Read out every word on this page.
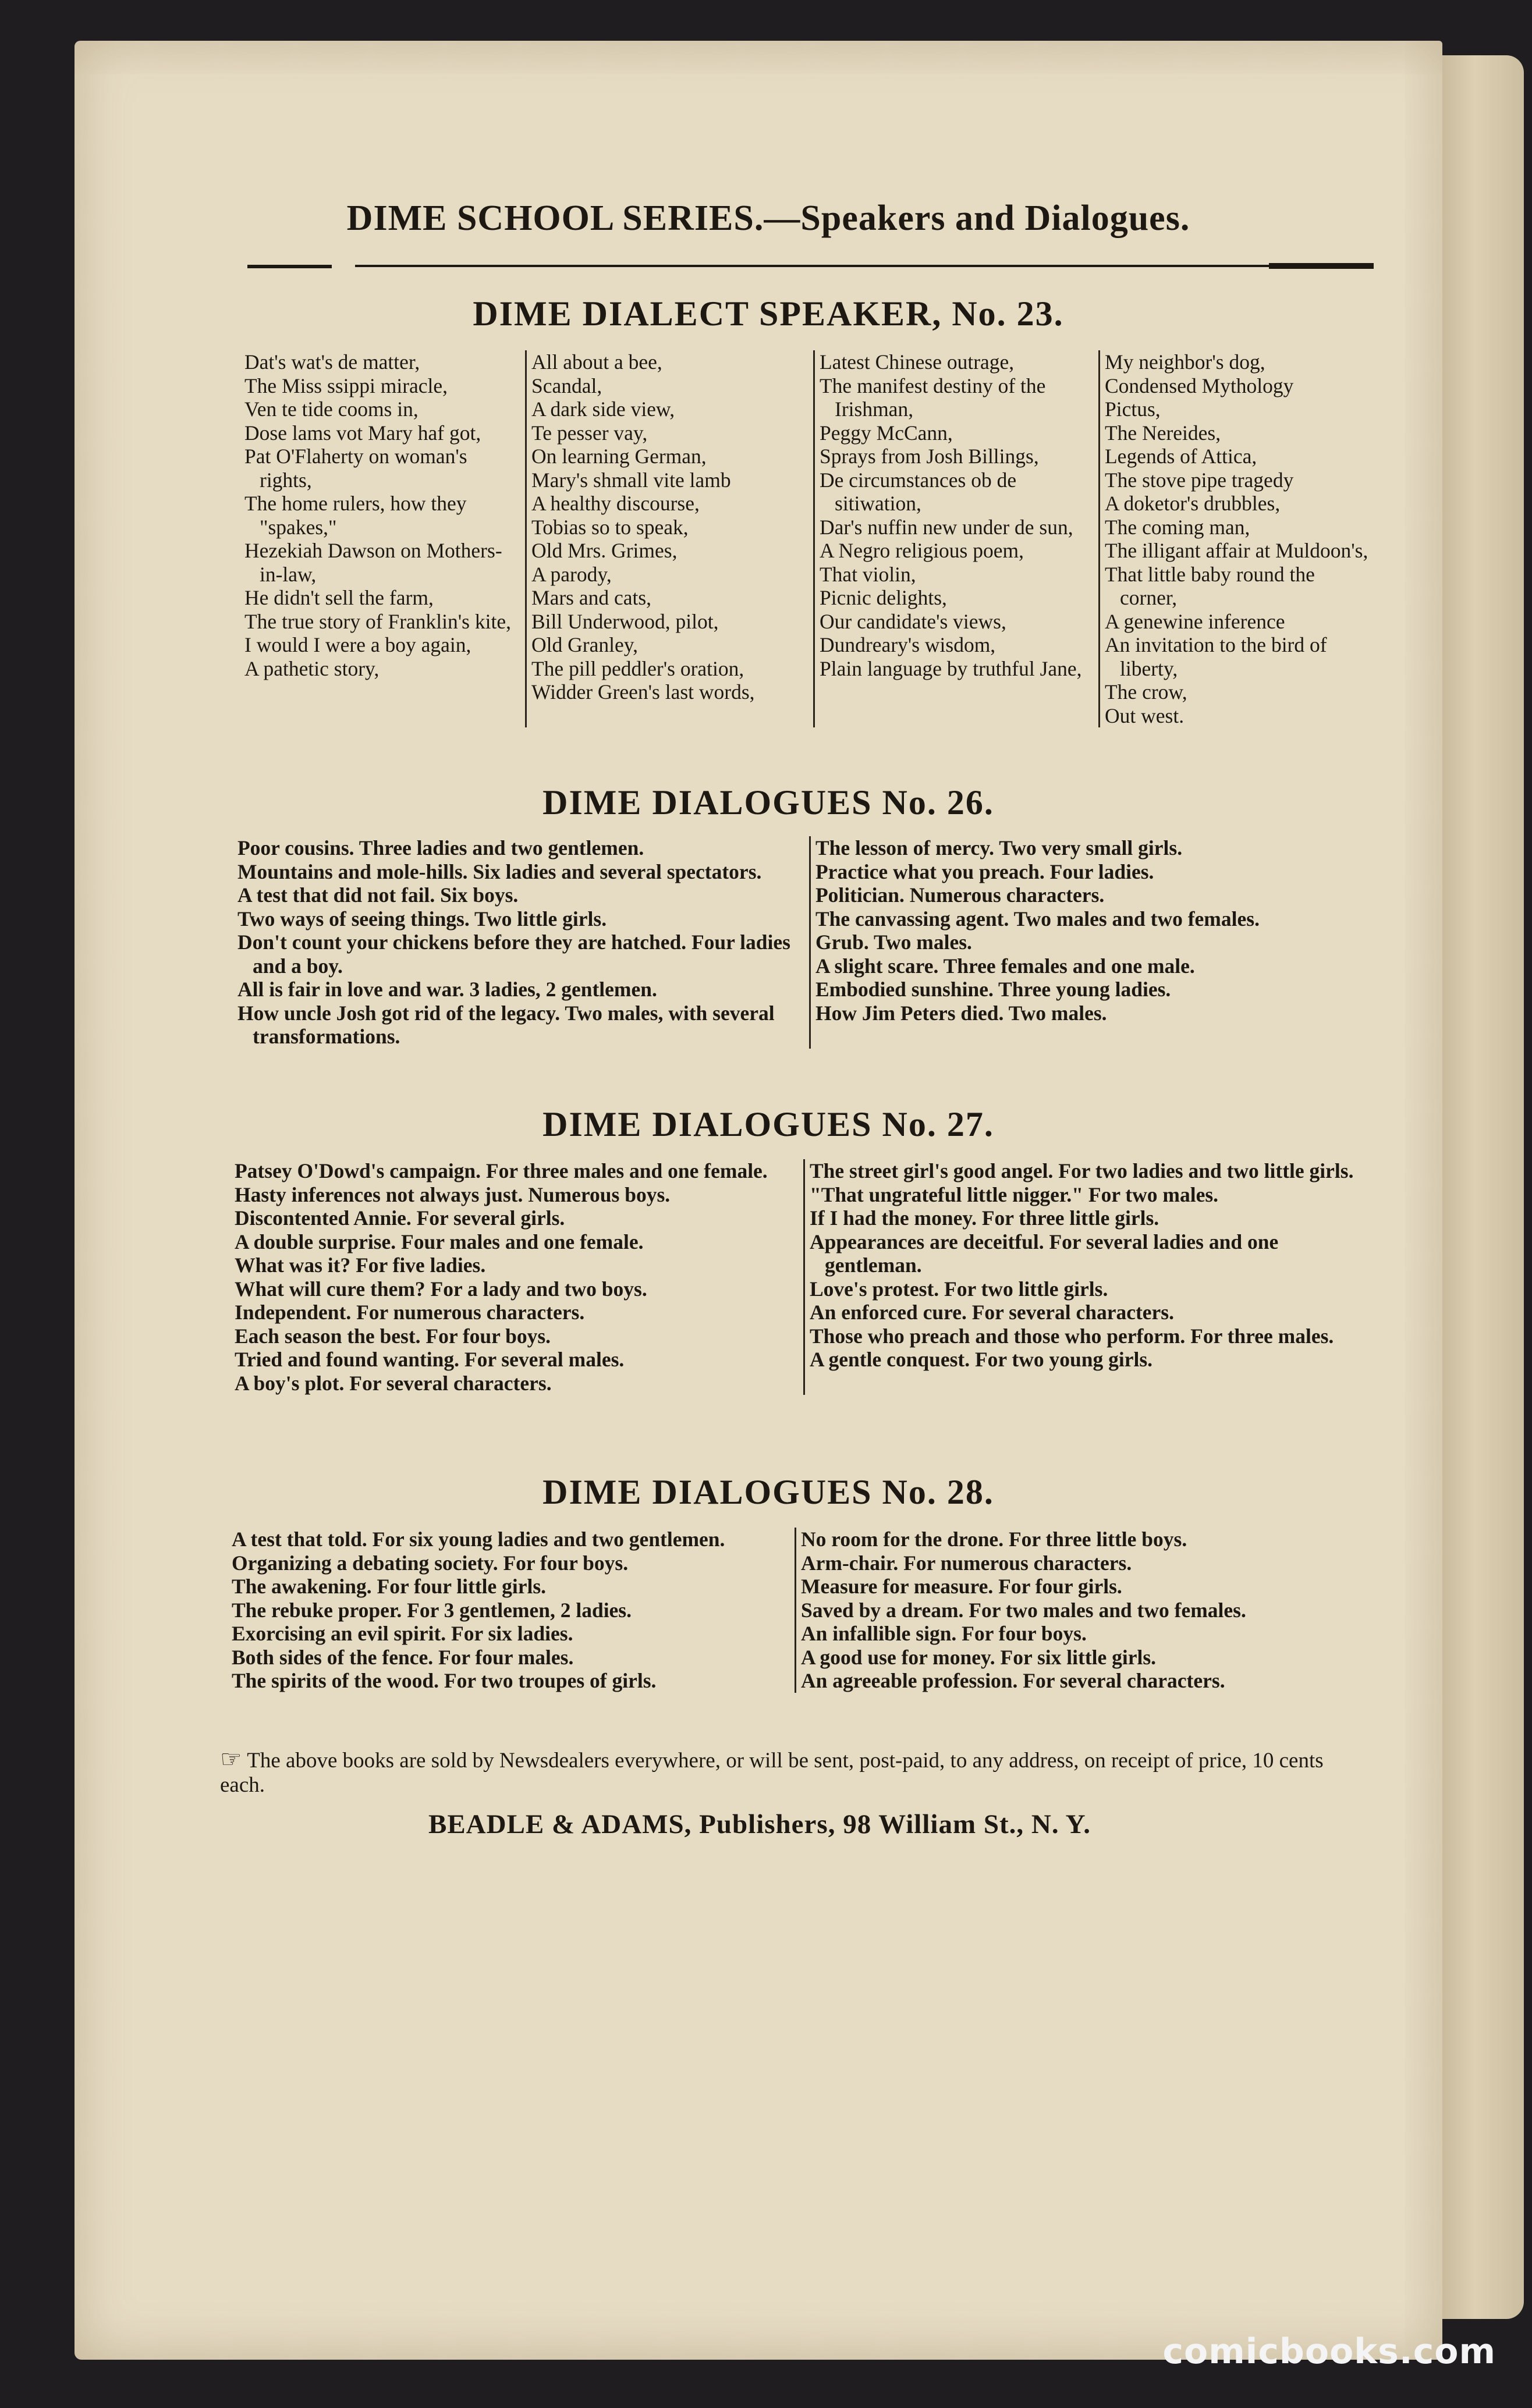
DIME SCHOOL SERIES.—Speakers and Dialogues.
DIME DIALECT SPEAKER, No. 23.
Dat's wat's de matter,
The Miss ssippi miracle,
Ven te tide cooms in,
Dose lams vot Mary haf got,
Pat O'Flaherty on woman's rights,
The home rulers, how they "spakes,"
Hezekiah Dawson on Mothers-in-law,
He didn't sell the farm,
The true story of Franklin's kite,
I would I were a boy again,
A pathetic story,
All about a bee,
Scandal,
A dark side view,
Te pesser vay,
On learning German,
Mary's shmall vite lamb
A healthy discourse,
Tobias so to speak,
Old Mrs. Grimes,
A parody,
Mars and cats,
Bill Underwood, pilot,
Old Granley,
The pill peddler's oration,
Widder Green's last words,
Latest Chinese outrage,
The manifest destiny of the Irishman,
Peggy McCann,
Sprays from Josh Billings,
De circumstances ob de sitiwation,
Dar's nuffin new under de sun,
A Negro religious poem,
That violin,
Picnic delights,
Our candidate's views,
Dundreary's wisdom,
Plain language by truthful Jane,
My neighbor's dog,
Condensed Mythology
Pictus,
The Nereides,
Legends of Attica,
The stove pipe tragedy
A doketor's drubbles,
The coming man,
The illigant affair at Muldoon's,
That little baby round the corner,
A genewine inference
An invitation to the bird of liberty,
The crow,
Out west.
DIME DIALOGUES No. 26.
Poor cousins. Three ladies and two gentlemen.
Mountains and mole-hills. Six ladies and several spectators.
A test that did not fail. Six boys.
Two ways of seeing things. Two little girls.
Don't count your chickens before they are hatched. Four ladies and a boy.
All is fair in love and war. 3 ladies, 2 gentlemen.
How uncle Josh got rid of the legacy. Two males, with several transformations.
The lesson of mercy. Two very small girls.
Practice what you preach. Four ladies.
Politician. Numerous characters.
The canvassing agent. Two males and two females.
Grub. Two males.
A slight scare. Three females and one male.
Embodied sunshine. Three young ladies.
How Jim Peters died. Two males.
DIME DIALOGUES No. 27.
Patsey O'Dowd's campaign. For three males and one female.
Hasty inferences not always just. Numerous boys.
Discontented Annie. For several girls.
A double surprise. Four males and one female.
What was it? For five ladies.
What will cure them? For a lady and two boys.
Independent. For numerous characters.
Each season the best. For four boys.
Tried and found wanting. For several males.
A boy's plot. For several characters.
The street girl's good angel. For two ladies and two little girls.
"That ungrateful little nigger." For two males.
If I had the money. For three little girls.
Appearances are deceitful. For several ladies and one gentleman.
Love's protest. For two little girls.
An enforced cure. For several characters.
Those who preach and those who perform. For three males.
A gentle conquest. For two young girls.
DIME DIALOGUES No. 28.
A test that told. For six young ladies and two gentlemen.
Organizing a debating society. For four boys.
The awakening. For four little girls.
The rebuke proper. For 3 gentlemen, 2 ladies.
Exorcising an evil spirit. For six ladies.
Both sides of the fence. For four males.
The spirits of the wood. For two troupes of girls.
No room for the drone. For three little boys.
Arm-chair. For numerous characters.
Measure for measure. For four girls.
Saved by a dream. For two males and two females.
An infallible sign. For four boys.
A good use for money. For six little girls.
An agreeable profession. For several characters.
☞ The above books are sold by Newsdealers everywhere, or will be sent, post-paid, to any address, on receipt of price, 10 cents each.
BEADLE & ADAMS, Publishers, 98 William St., N. Y.
comicbooks.com
